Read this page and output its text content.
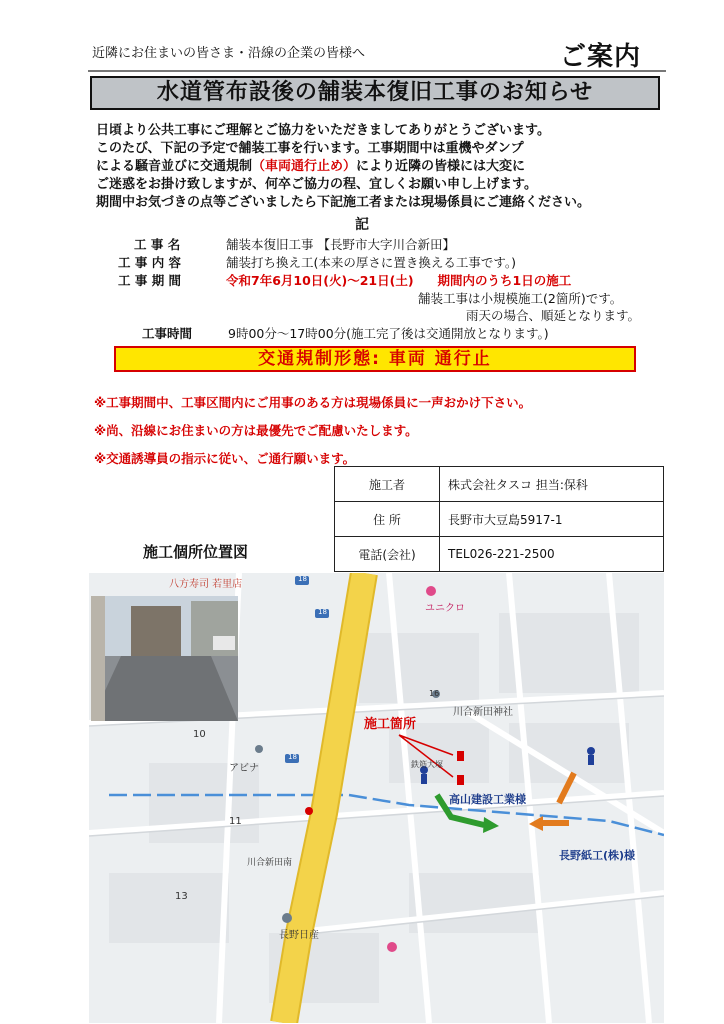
近隣にお住まいの皆さま・沿線の企業の皆様へ	ご案内
水道管布設後の舗装本復旧工事のお知らせ
日頃より公共工事にご理解とご協力をいただきましてありがとうございます。
このたび、下記の予定で舗装工事を行います。工事期間中は重機やダンプ
による騒音並びに交通規制（車両通行止め）により近隣の皆様には大変に
ご迷惑をお掛け致しますが、何卒ご協力の程、宜しくお願い申し上げます。
期間中お気づきの点等ございましたら下記施工者または現場係員にご連絡ください。
記
工 事 名	舗装本復旧工事 【長野市大字川合新田】
工 事 内 容	舗装打ち換え工(本来の厚さに置き換える工事です。)
工 事 期 間	令和7年6月10日(火)～21日(土) 期間内のうち1日の施工
舗装工事は小規模施工(2箇所)です。
雨天の場合、順延となります。
工事時間	9時00分～17時00分(施工完了後は交通開放となります。)
交通規制形態: 車両 通行止
※工事期間中、工事区間内にご用事のある方は現場係員に一声おかけ下さい。
※尚、沿線にお住まいの方は最優先でご配慮いたします。
※交通誘導員の指示に従い、ご通行願います。
施工者	株式会社タスコ 担当:保科
住 所	長野市大豆島5917-1
電話(会社)	TEL026-221-2500
施工個所位置図
八方寿司 若里店	18
18
18
ユニクロ
川合新田神社
16
10
アビナ
11
13
川合新田南
長野日産
鉄筋大塚
施工箇所
高山建設工業様
長野紙工(株)様
